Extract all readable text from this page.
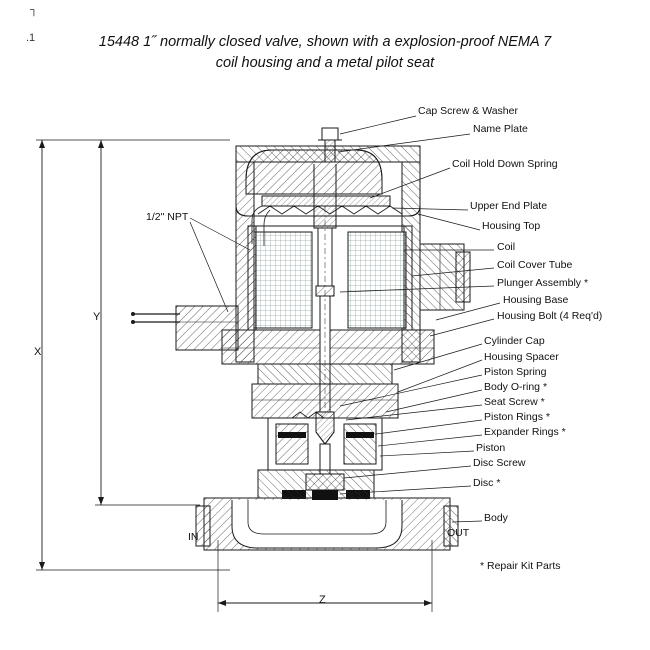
┐
.1	15448 1˝ normally closed valve, shown with a explosion-proof NEMA 7
coil housing and a metal pilot seat
Cap Screw & Washer
Name Plate
Coil Hold Down Spring
Upper End Plate
Housing Top
Coil
Coil Cover Tube
Plunger Assembly *
Housing Base
Housing Bolt (4 Req'd)
Cylinder Cap
Housing Spacer
Piston Spring
Body O-ring *
Seat Screw *
Piston Rings *
Expander Rings *
Piston
Disc Screw
Disc *
Body
1/2" NPT
IN	OUT
X
Y
Z
* Repair Kit Parts
